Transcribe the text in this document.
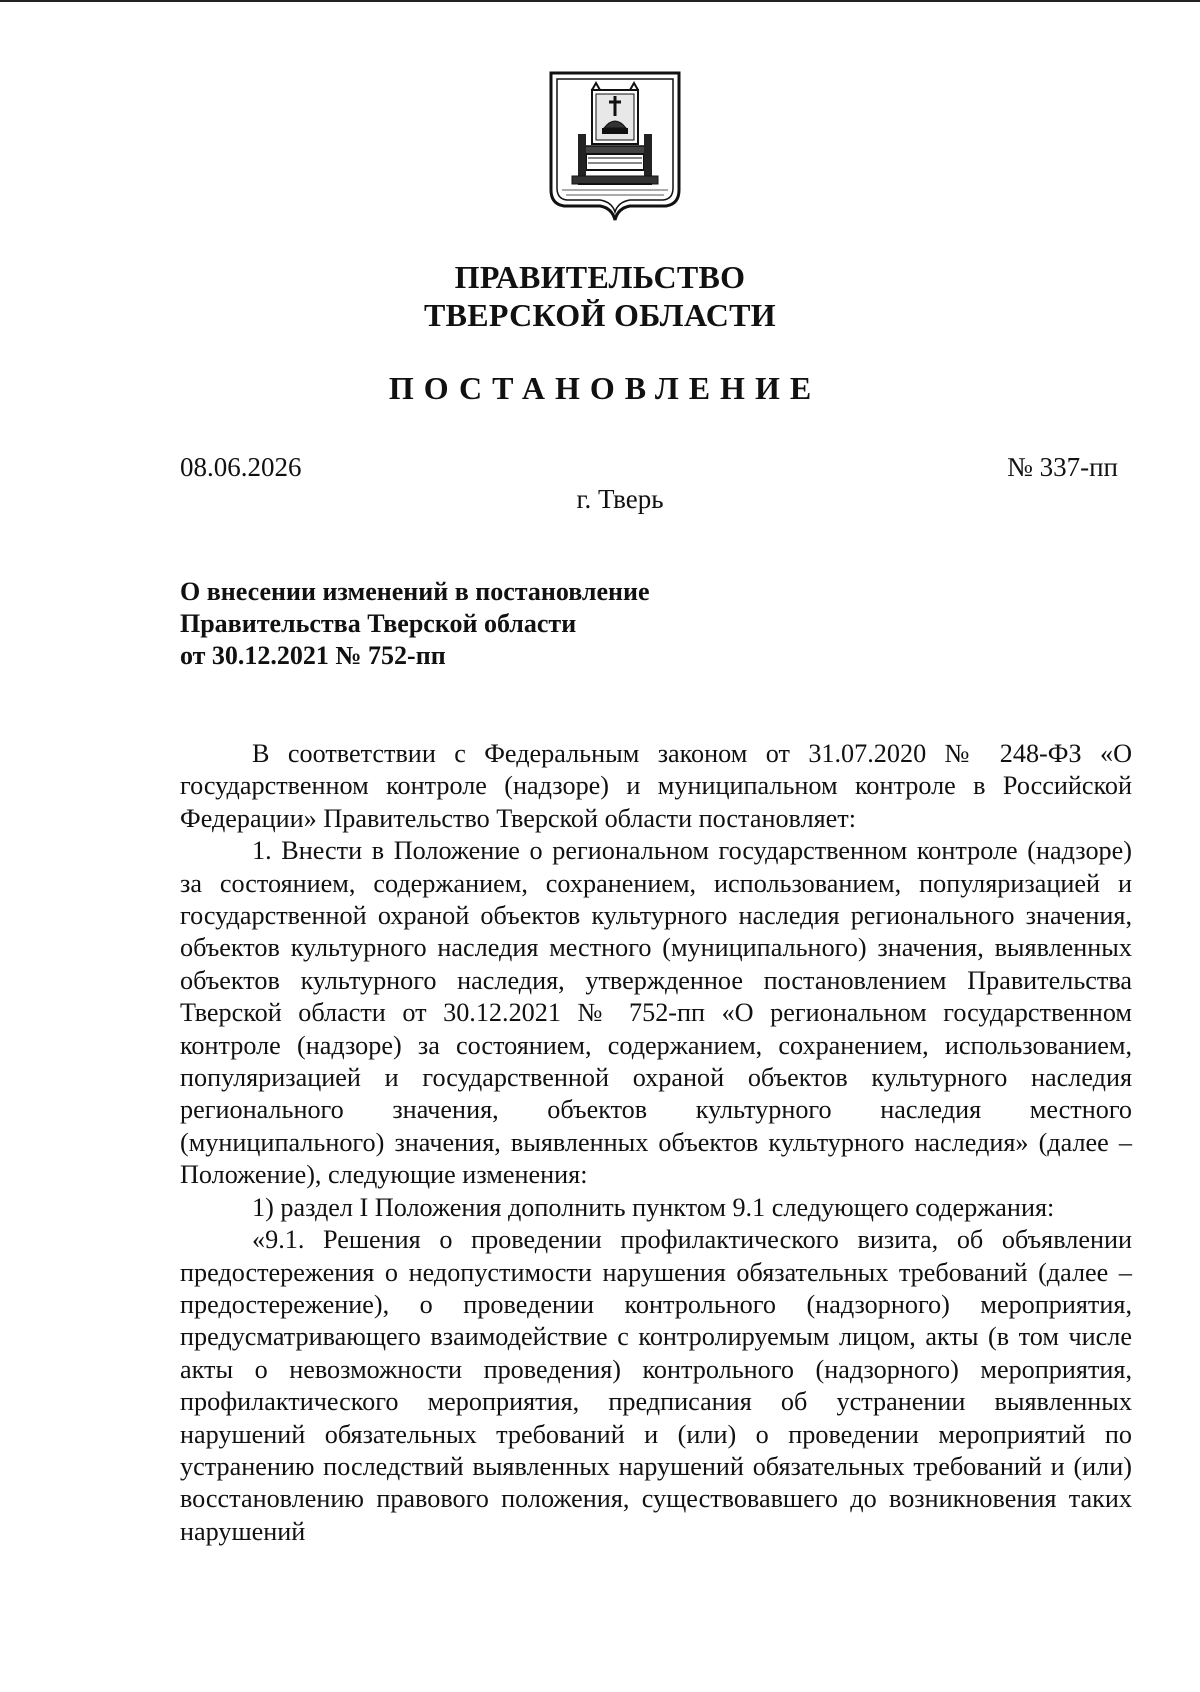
ПРАВИТЕЛЬСТВО
ТВЕРСКОЙ ОБЛАСТИ
ПОСТАНОВЛЕНИЕ
08.06.2026	№ 337-пп
г. Тверь
О внесении изменений в постановление
Правительства Тверской области
от 30.12.2021 № 752-пп

В соответствии с Федеральным законом от 31.07.2020 № 248-ФЗ «О государственном контроле (надзоре) и муниципальном контроле в Российской Федерации» Правительство Тверской области постановляет:

1. Внести в Положение о региональном государственном контроле (надзоре) за состоянием, содержанием, сохранением, использованием, популяризацией и государственной охраной объектов культурного наследия регионального значения, объектов культурного наследия местного (муниципального) значения, выявленных объектов культурного наследия, утвержденное постановлением Правительства Тверской области от 30.12.2021 № 752-пп «О региональном государственном контроле (надзоре) за состоянием, содержанием, сохранением, использованием, популяризацией и государственной охраной объектов культурного наследия регионального значения, объектов культурного наследия местного (муниципального) значения, выявленных объектов культурного наследия» (далее – Положение), следующие изменения:

1) раздел I Положения дополнить пунктом 9.1 следующего содержания:

«9.1. Решения о проведении профилактического визита, об объявлении предостережения о недопустимости нарушения обязательных требований (далее – предостережение), о проведении контрольного (надзорного) мероприятия, предусматривающего взаимодействие с контролируемым лицом, акты (в том числе акты о невозможности проведения) контрольного (надзорного) мероприятия, профилактического мероприятия, предписания об устранении выявленных нарушений обязательных требований и (или) о проведении мероприятий по устранению последствий выявленных нарушений обязательных требований и (или) восстановлению правового положения, существовавшего до возникновения таких нарушений
